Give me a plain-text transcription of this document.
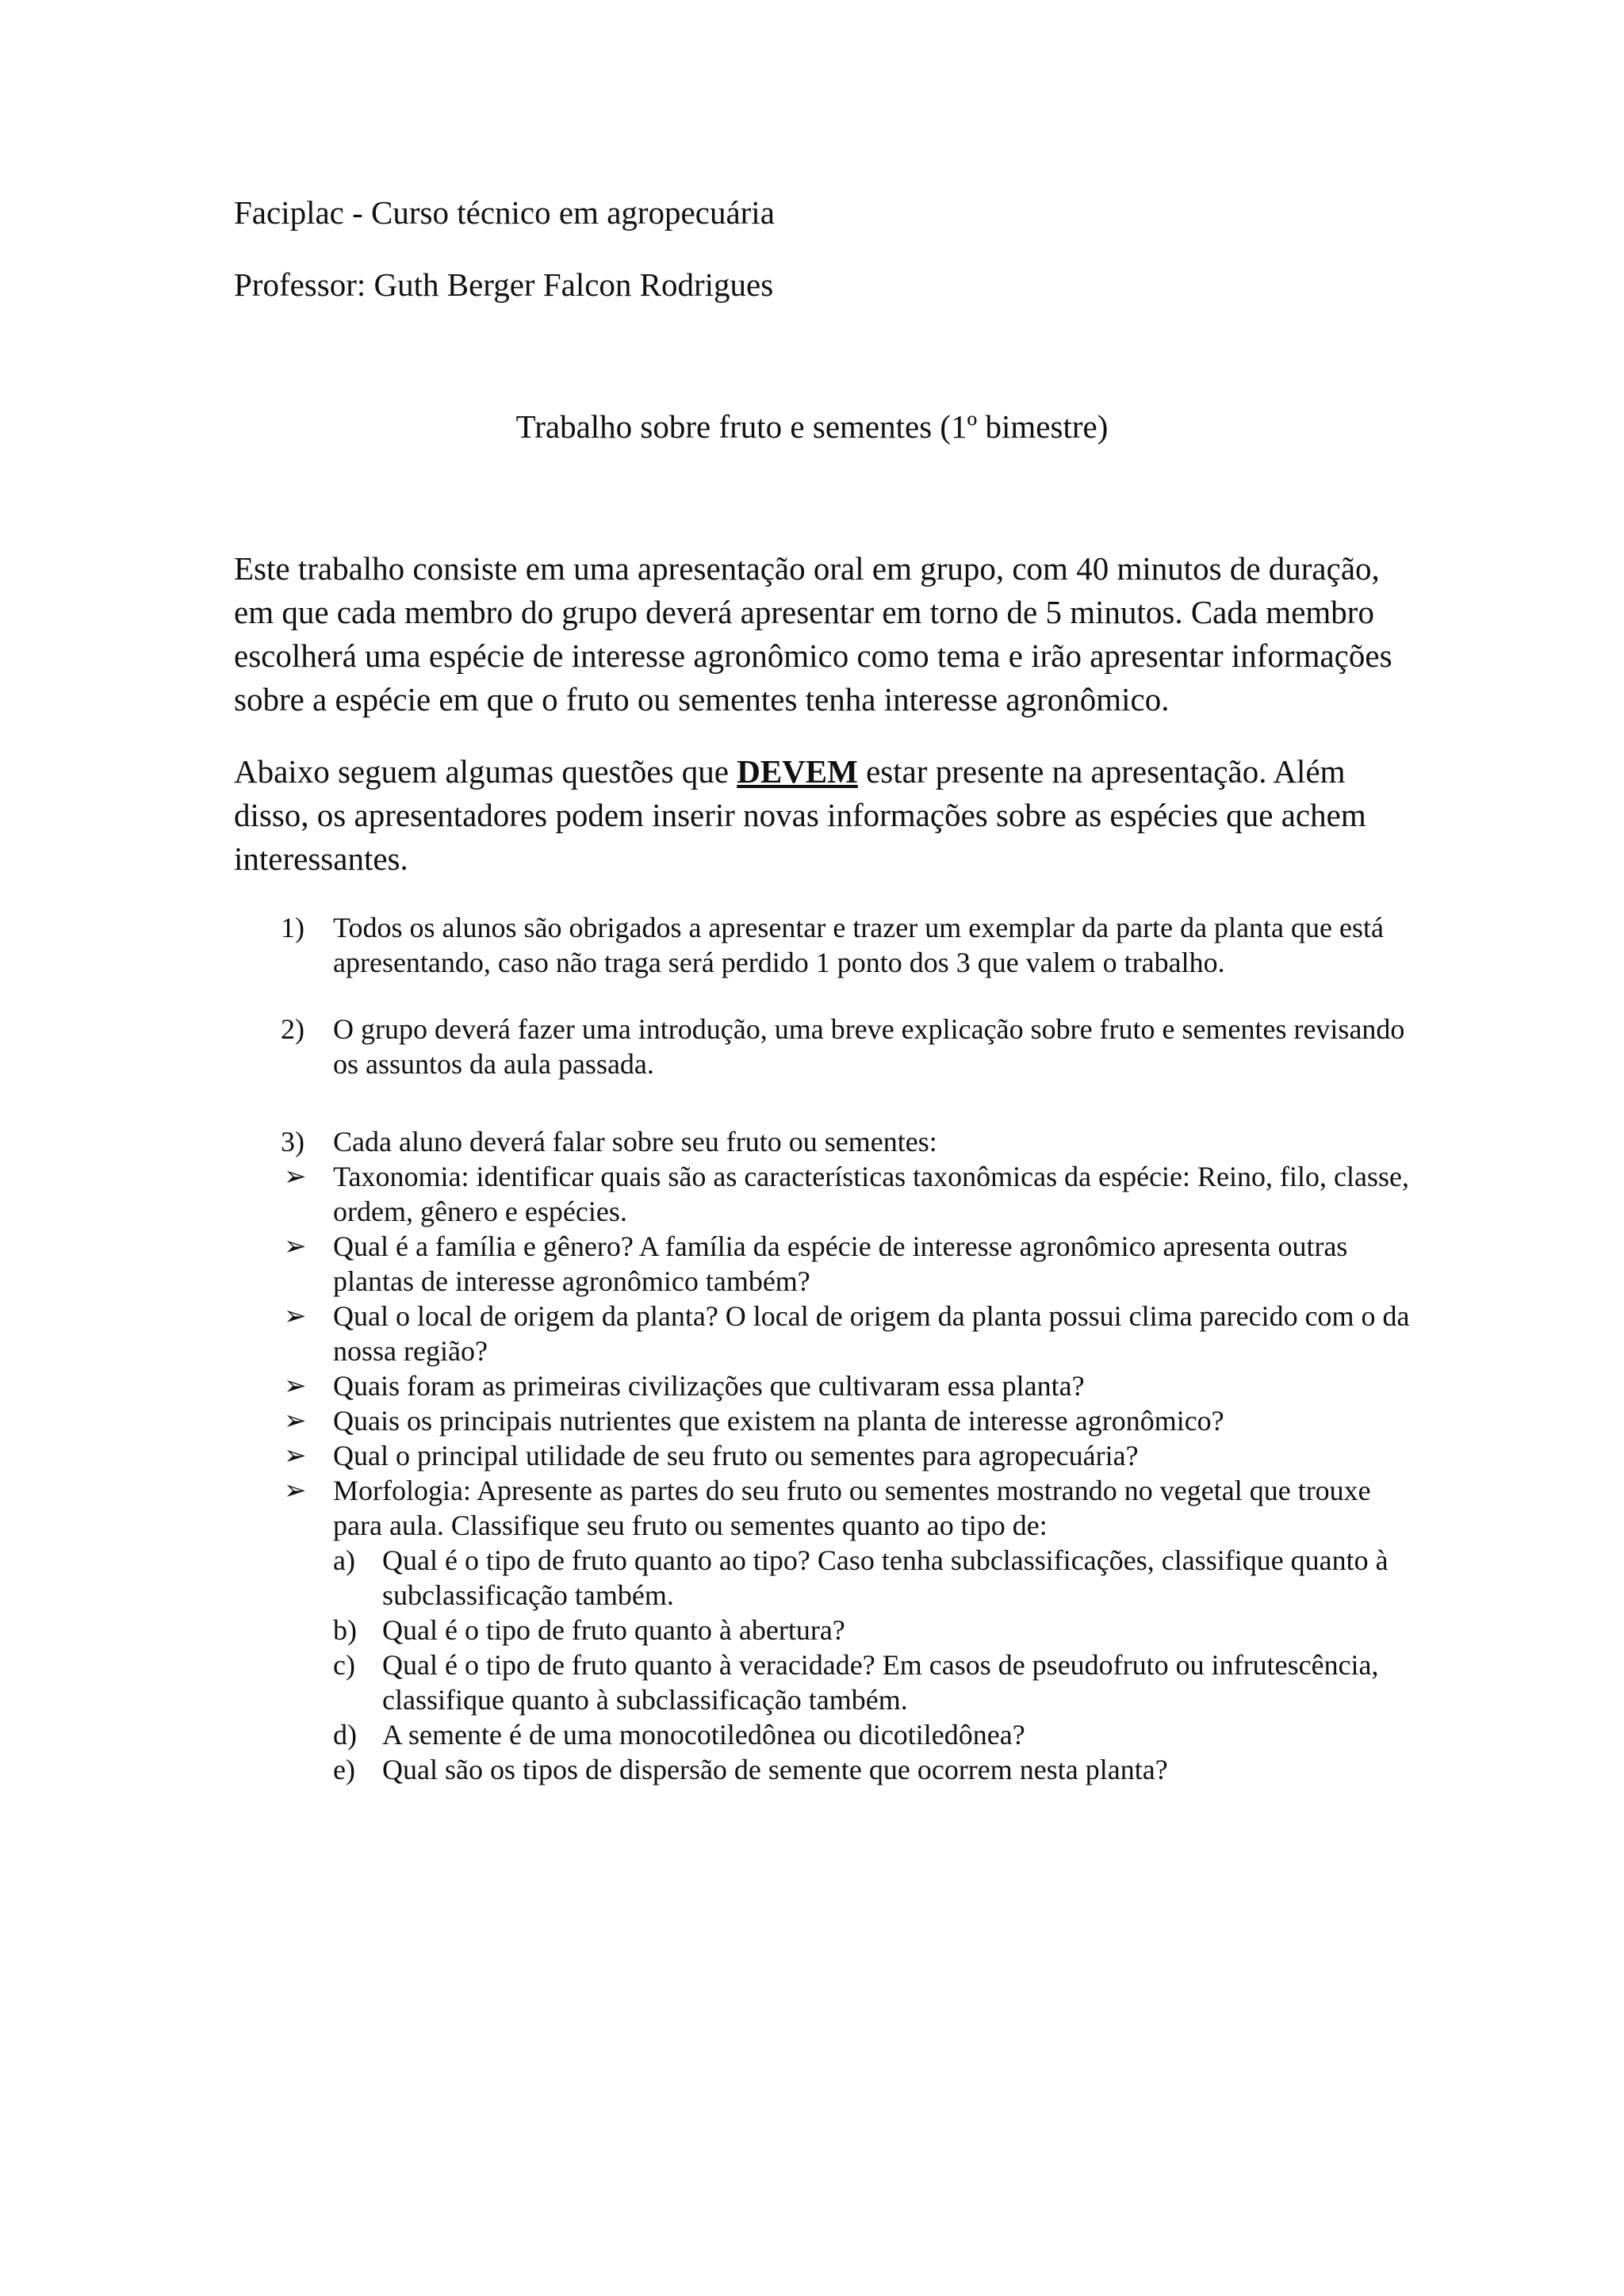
Faciplac - Curso técnico em agropecuária
Professor: Guth Berger Falcon Rodrigues
Trabalho sobre fruto e sementes (1º bimestre)
Este trabalho consiste em uma apresentação oral em grupo, com 40 minutos de duração, em que cada membro do grupo deverá apresentar em torno de 5 minutos. Cada membro escolherá uma espécie de interesse agronômico como tema e irão apresentar informações sobre a espécie em que o fruto ou sementes tenha interesse agronômico.
Abaixo seguem algumas questões que DEVEM estar presente na apresentação. Além disso, os apresentadores podem inserir novas informações sobre as espécies que achem interessantes.
1)	Todos os alunos são obrigados a apresentar e trazer um exemplar da parte da planta que está apresentando, caso não traga será perdido 1 ponto dos 3 que valem o trabalho.
2)	O grupo deverá fazer uma introdução, uma breve explicação sobre fruto e sementes revisando os assuntos da aula passada.
3)	Cada aluno deverá falar sobre seu fruto ou sementes:
➢ Taxonomia: identificar quais são as características taxonômicas da espécie: Reino, filo, classe, ordem, gênero e espécies.
➢ Qual é a família e gênero? A família da espécie de interesse agronômico apresenta outras plantas de interesse agronômico também?
➢ Qual o local de origem da planta? O local de origem da planta possui clima parecido com o da nossa região?
➢ Quais foram as primeiras civilizações que cultivaram essa planta?
➢ Quais os principais nutrientes que existem na planta de interesse agronômico?
➢ Qual o principal utilidade de seu fruto ou sementes para agropecuária?
➢ Morfologia: Apresente as partes do seu fruto ou sementes mostrando no vegetal que trouxe para aula. Classifique seu fruto ou sementes quanto ao tipo de:
a) Qual é o tipo de fruto quanto ao tipo? Caso tenha subclassificações, classifique quanto à subclassificação também.
b) Qual é o tipo de fruto quanto à abertura?
c) Qual é o tipo de fruto quanto à veracidade? Em casos de pseudofruto ou infrutescência, classifique quanto à subclassificação também.
d) A semente é de uma monocotiledônea ou dicotiledônea?
e) Qual são os tipos de dispersão de semente que ocorrem nesta planta?
